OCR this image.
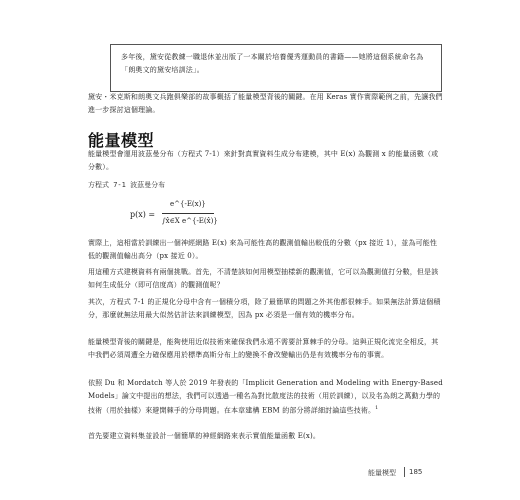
多年後，黛安從教練一職退休並出版了一本關於培養優秀運動員的書籍——她將這個系統命名為「朗奧文的黛安培訓法」。

黛安・米克斯和朗奧文兵跑俱樂部的故事概括了能量模型背後的關鍵。在用 Keras 實作實際範例之前，先讓我們進一步探討這個理論。

能量模型

能量模型會運用波茲曼分布（方程式 7-1）來針對真實資料生成分布建模，其中 E(x) 為觀測 x 的能量函數（或分數）。

方程式 7-1 波茲曼分布
p(x) =
e^{-E(x)}
∫x̂∈X e^{-E(x̂)}

實際上，這相當於訓練出一個神經網路 E(x) 來為可能性高的觀測值輸出較低的分數（px 接近 1），並為可能性低的觀測值輸出高分（px 接近 0）。

用這種方式建模資料有兩個挑戰。首先，不清楚該如何用模型抽樣新的觀測值，它可以為觀測值打分數，但是該如何生成低分（即可信度高）的觀測值呢？

其次，方程式 7-1 的正規化分母中含有一個積分項，除了最簡單的問題之外其他都很棘手。如果無法計算這個積分，那麼就無法用最大似然估計法來訓練模型，因為 px 必須是一個有效的機率分布。

能量模型背後的關鍵是，能夠使用近似技術來確保我們永遠不需要計算棘手的分母。這與正規化流完全相反，其中我們必須周遭全力確保應用於標準高斯分布上的變換不會改變輸出仍是有效機率分布的事實。

依照 Du 和 Mordatch 等人於 2019 年發表的「Implicit Generation and Modeling with Energy-Based Models」論文中提出的想法，我們可以透過一種名為對比散度法的技術（用於訓練），以及名為朗之萬動力學的技術（用於抽樣）來避開棘手的分母問題。在本章建構 EBM 的部分將詳細討論這些技術。$^1$

首先要建立資料集並設計一個簡單的神經網路來表示實值能量函數 E(x)。

能量模型 185
